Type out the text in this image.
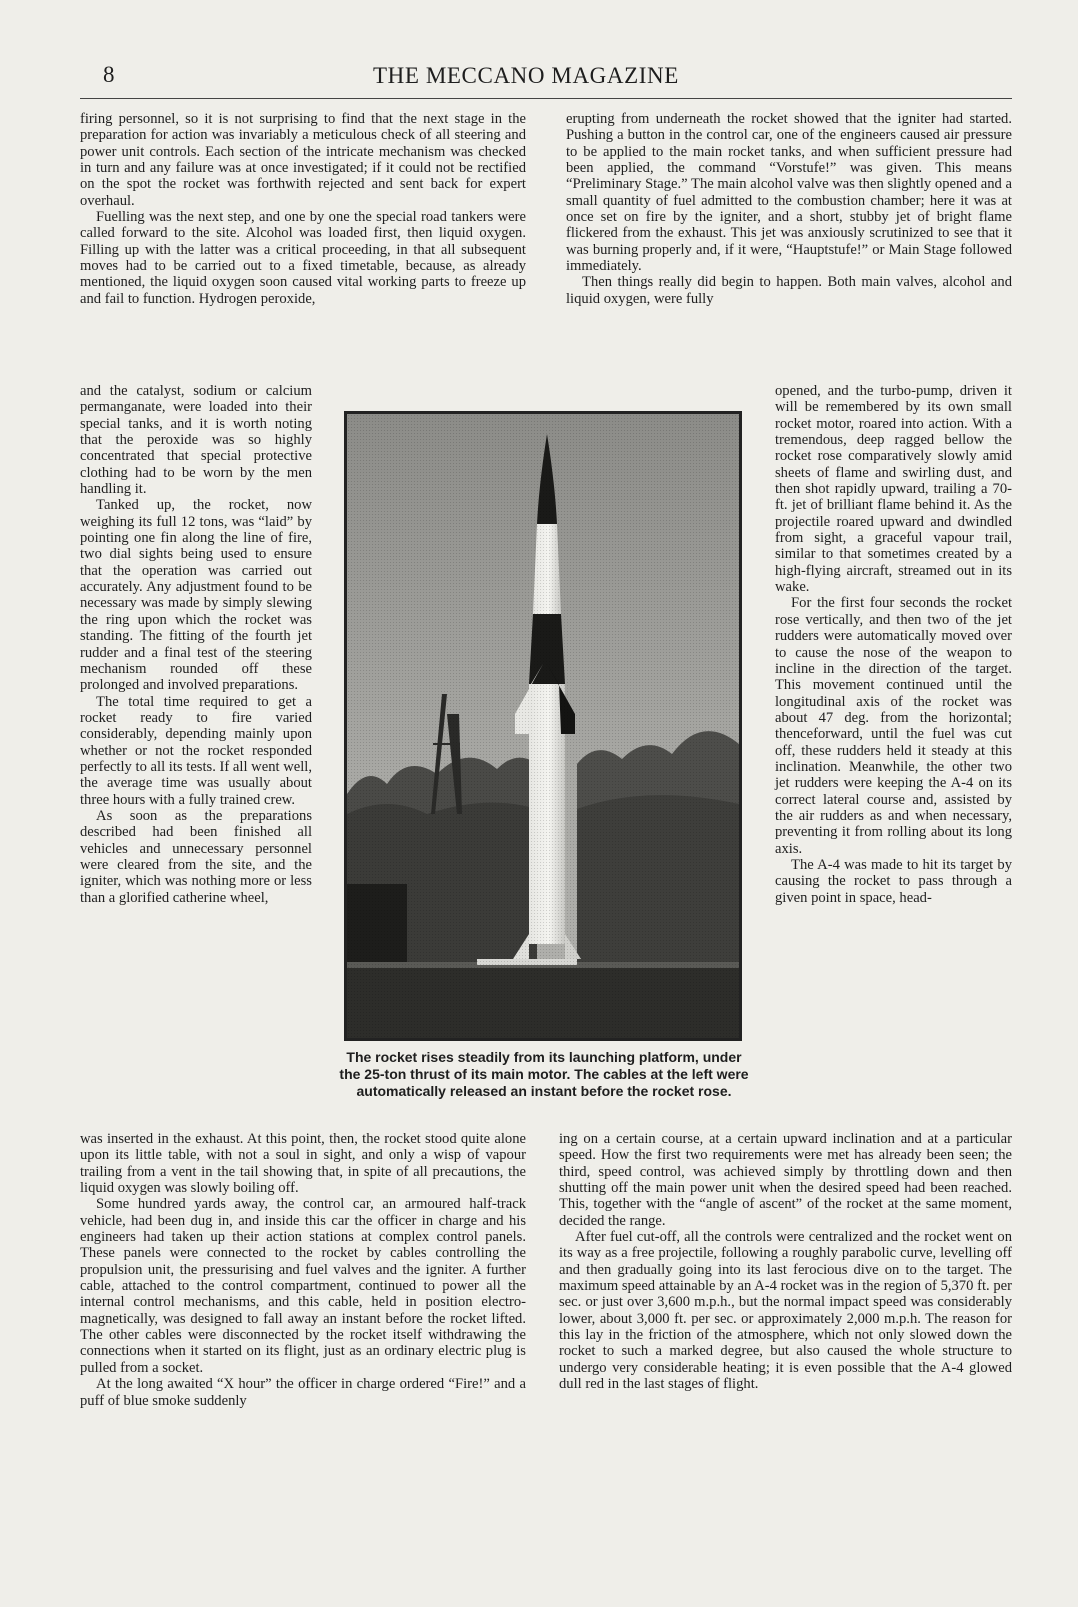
8	THE MECCANO MAGAZINE

firing personnel, so it is not surprising to find that the next stage in the preparation for action was invariably a meticulous check of all steering and power unit controls. Each section of the intricate mechanism was checked in turn and any failure was at once investigated; if it could not be rectified on the spot the rocket was forthwith rejected and sent back for expert overhaul.

Fuelling was the next step, and one by one the special road tankers were called forward to the site. Alcohol was loaded first, then liquid oxygen. Filling up with the latter was a critical proceeding, in that all subsequent moves had to be carried out to a fixed timetable, because, as already mentioned, the liquid oxygen soon caused vital working parts to freeze up and fail to function. Hydrogen peroxide,

and the catalyst, sodium or calcium permanganate, were loaded into their special tanks, and it is worth noting that the peroxide was so highly concentrated that special protective clothing had to be worn by the men handling it.

Tanked up, the rocket, now weighing its full 12 tons, was “laid” by pointing one fin along the line of fire, two dial sights being used to ensure that the operation was carried out accurately. Any adjustment found to be necessary was made by simply slewing the ring upon which the rocket was standing. The fitting of the fourth jet rudder and a final test of the steering mechanism rounded off these prolonged and involved preparations.

The total time required to get a rocket ready to fire varied considerably, depending mainly upon whether or not the rocket responded perfectly to all its tests. If all went well, the average time was usually about three hours with a fully trained crew.

As soon as the preparations described had been finished all vehicles and unnecessary personnel were cleared from the site, and the igniter, which was nothing more or less than a glorified catherine wheel,

was inserted in the exhaust. At this point, then, the rocket stood quite alone upon its little table, with not a soul in sight, and only a wisp of vapour trailing from a vent in the tail showing that, in spite of all precautions, the liquid oxygen was slowly boiling off.

Some hundred yards away, the control car, an armoured half-track vehicle, had been dug in, and inside this car the officer in charge and his engineers had taken up their action stations at complex control panels. These panels were connected to the rocket by cables controlling the propulsion unit, the pressurising and fuel valves and the igniter. A further cable, attached to the control compartment, continued to power all the internal control mechanisms, and this cable, held in position electro-magnetically, was designed to fall away an instant before the rocket lifted. The other cables were disconnected by the rocket itself withdrawing the connections when it started on its flight, just as an ordinary electric plug is pulled from a socket.

At the long awaited “X hour” the officer in charge ordered “Fire!” and a puff of blue smoke suddenly

erupting from underneath the rocket showed that the igniter had started. Pushing a button in the control car, one of the engineers caused air pressure to be applied to the main rocket tanks, and when sufficient pressure had been applied, the command “Vorstufe!” was given. This means “Preliminary Stage.” The main alcohol valve was then slightly opened and a small quantity of fuel admitted to the combustion chamber; here it was at once set on fire by the igniter, and a short, stubby jet of bright flame flickered from the exhaust. This jet was anxiously scrutinized to see that it was burning properly and, if it were, “Hauptstufe!” or Main Stage followed immediately.

Then things really did begin to happen. Both main valves, alcohol and liquid oxygen, were fully

opened, and the turbo-pump, driven it will be remembered by its own small rocket motor, roared into action. With a tremendous, deep ragged bellow the rocket rose comparatively slowly amid sheets of flame and swirling dust, and then shot rapidly upward, trailing a 70-ft. jet of brilliant flame behind it. As the projectile roared upward and dwindled from sight, a graceful vapour trail, similar to that sometimes created by a high-flying aircraft, streamed out in its wake.

For the first four seconds the rocket rose vertically, and then two of the jet rudders were automatically moved over to cause the nose of the weapon to incline in the direction of the target. This movement continued until the longitudinal axis of the rocket was about 47 deg. from the horizontal; thenceforward, until the fuel was cut off, these rudders held it steady at this inclination. Meanwhile, the other two jet rudders were keeping the A-4 on its correct lateral course and, assisted by the air rudders as and when necessary, preventing it from rolling about its long axis.

The A-4 was made to hit its target by causing the rocket to pass through a given point in space, head-

ing on a certain course, at a certain upward inclination and at a particular speed. How the first two requirements were met has already been seen; the third, speed control, was achieved simply by throttling down and then shutting off the main power unit when the desired speed had been reached. This, together with the “angle of ascent” of the rocket at the same moment, decided the range.

After fuel cut-off, all the controls were centralized and the rocket went on its way as a free projectile, following a roughly parabolic curve, levelling off and then gradually going into its last ferocious dive on to the target. The maximum speed attainable by an A-4 rocket was in the region of 5,370 ft. per sec. or just over 3,600 m.p.h., but the normal impact speed was considerably lower, about 3,000 ft. per sec. or approximately 2,000 m.p.h. The reason for this lay in the friction of the atmosphere, which not only slowed down the rocket to such a marked degree, but also caused the whole structure to undergo very considerable heating; it is even possible that the A-4 glowed dull red in the last stages of flight.

The rocket rises steadily from its launching platform, under the 25-ton thrust of its main motor. The cables at the left were automatically released an instant before the rocket rose.
